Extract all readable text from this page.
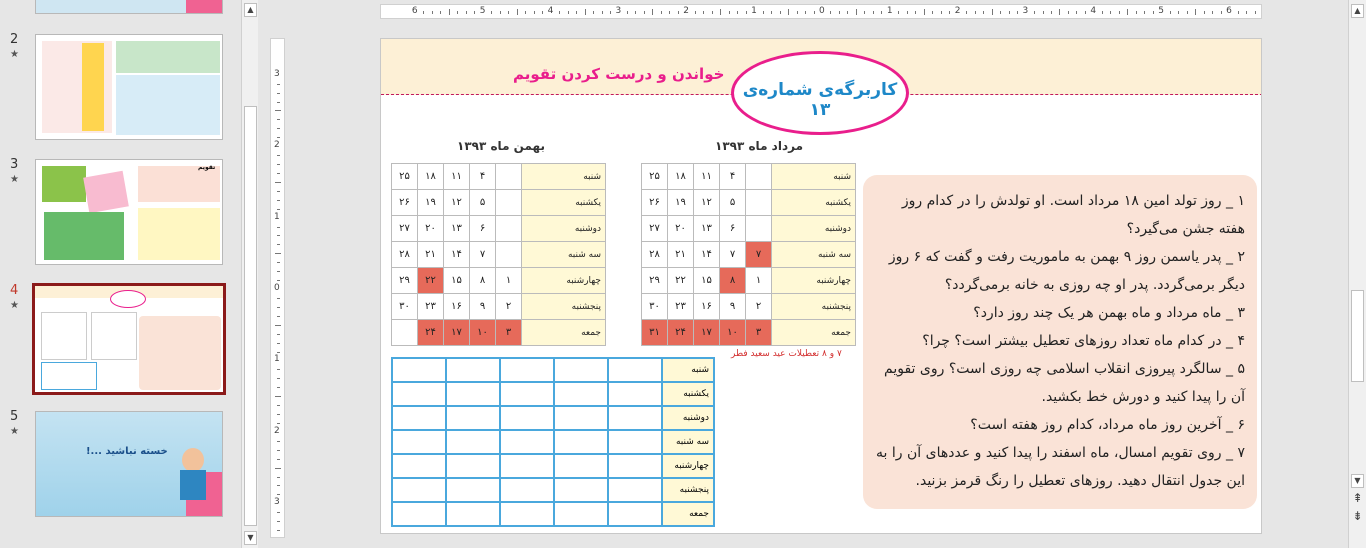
2
★
3
★
تقویم
4
★
5
★
خسته نباشید ...!
▲
▼
6	5	4	3	2	1	0	1	2	3	4	5	6
3
2
1
0
1
2
3
خواندن و درست کردن تقویم
کاربرگه‌ی شماره‌ی ۱۳
بهمن ماه ۱۳۹۳	مرداد ماه ۱۳۹۳
۲۵	۱۸	۱۱	۴		شنبه
۲۶	۱۹	۱۲	۵		یکشنبه
۲۷	۲۰	۱۳	۶		دوشنبه
۲۸	۲۱	۱۴	۷		سه شنبه
۲۹	۲۲	۱۵	۸	۱	چهارشنبه
۳۰	۲۳	۱۶	۹	۲	پنجشنبه
	۲۴	۱۷	۱۰	۳	جمعه
۲۵	۱۸	۱۱	۴		شنبه
۲۶	۱۹	۱۲	۵		یکشنبه
۲۷	۲۰	۱۳	۶		دوشنبه
۲۸	۲۱	۱۴	۷	۷	سه شنبه
۲۹	۲۲	۱۵	۸	۱	چهارشنبه
۳۰	۲۳	۱۶	۹	۲	پنجشنبه
۳۱	۲۴	۱۷	۱۰	۳	جمعه
۷ و ۸ تعطیلات عید سعید فطر
					شنبه
					یکشنبه
					دوشنبه
					سه شنبه
					چهارشنبه
					پنجشنبه
					جمعه
۱ _ روز تولد امین ۱۸ مرداد است. او تولدش را در کدام روز هفته جشن می‌گیرد؟
۲ _ پدر یاسمن روز ۹ بهمن به ماموریت رفت و گفت که ۶ روز دیگر برمی‌گردد. پدر او چه روزی به خانه برمی‌گردد؟
۳ _ ماه مرداد و ماه بهمن هر یک چند روز دارد؟
۴ _ در کدام ماه تعداد روزهای تعطیل بیشتر است؟ چرا؟
۵ _ سالگرد پیروزی انقلاب اسلامی چه روزی است؟ روی تقویم آن را پیدا کنید و دورش خط بکشید.
۶ _ آخرین روز ماه مرداد، کدام روز هفته است؟
۷ _ روی تقویم امسال، ماه اسفند را پیدا کنید و عددهای آن را به این جدول انتقال دهید. روزهای تعطیل را رنگ قرمز بزنید.
▲
▼
⇞
⇟
